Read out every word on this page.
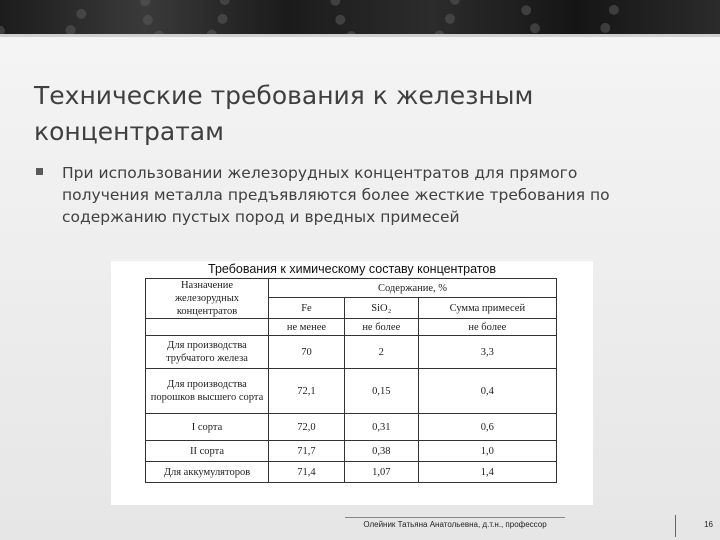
Технические требования к железным концентратам
При использовании железорудных концентратов для прямого получения металла предъявляются более жесткие требования по содержанию пустых пород и вредных примесей
Требования к химическому составу концентратов
Назначение железорудных концентратов	Содержание, %		
	Fe	SiO₂	Сумма примесей
	не менее	не более	не более
Для производства трубчатого железа	70	2	3,3
Для производства порошков высшего сорта	72,1	0,15	0,4
I сорта	72,0	0,31	0,6
II сорта	71,7	0,38	1,0
Для аккумуляторов	71,4	1,07	1,4
Олейник Татьяна Анатольевна, д.т.н., профессор	16
